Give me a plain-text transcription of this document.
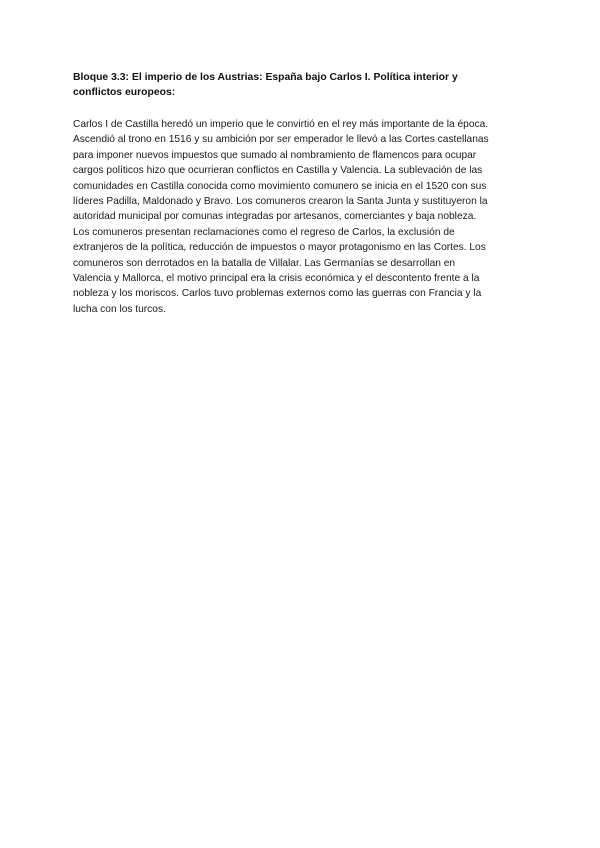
Bloque 3.3: El imperio de los Austrias: España bajo Carlos I. Política interior y
conflictos europeos:

Carlos I de Castilla heredó un imperio que le convirtió en el rey más importante de la época.
Ascendió al trono en 1516 y su ambición por ser emperador le llevó a las Cortes castellanas
para imponer nuevos impuestos que sumado al nombramiento de flamencos para ocupar
cargos políticos hizo que ocurrieran conflictos en Castilla y Valencia. La sublevación de las
comunidades en Castilla conocida como movimiento comunero se inicia en el 1520 con sus
líderes Padilla, Maldonado y Bravo. Los comuneros crearon la Santa Junta y sustituyeron la
autoridad municipal por comunas integradas por artesanos, comerciantes y baja nobleza.
Los comuneros presentan reclamaciones como el regreso de Carlos, la exclusión de
extranjeros de la política, reducción de impuestos o mayor protagonismo en las Cortes. Los
comuneros son derrotados en la batalla de Villalar. Las Germanías se desarrollan en
Valencia y Mallorca, el motivo principal era la crisis económica y el descontento frente a la
nobleza y los moriscos. Carlos tuvo problemas externos como las guerras con Francia y la
lucha con los turcos.
